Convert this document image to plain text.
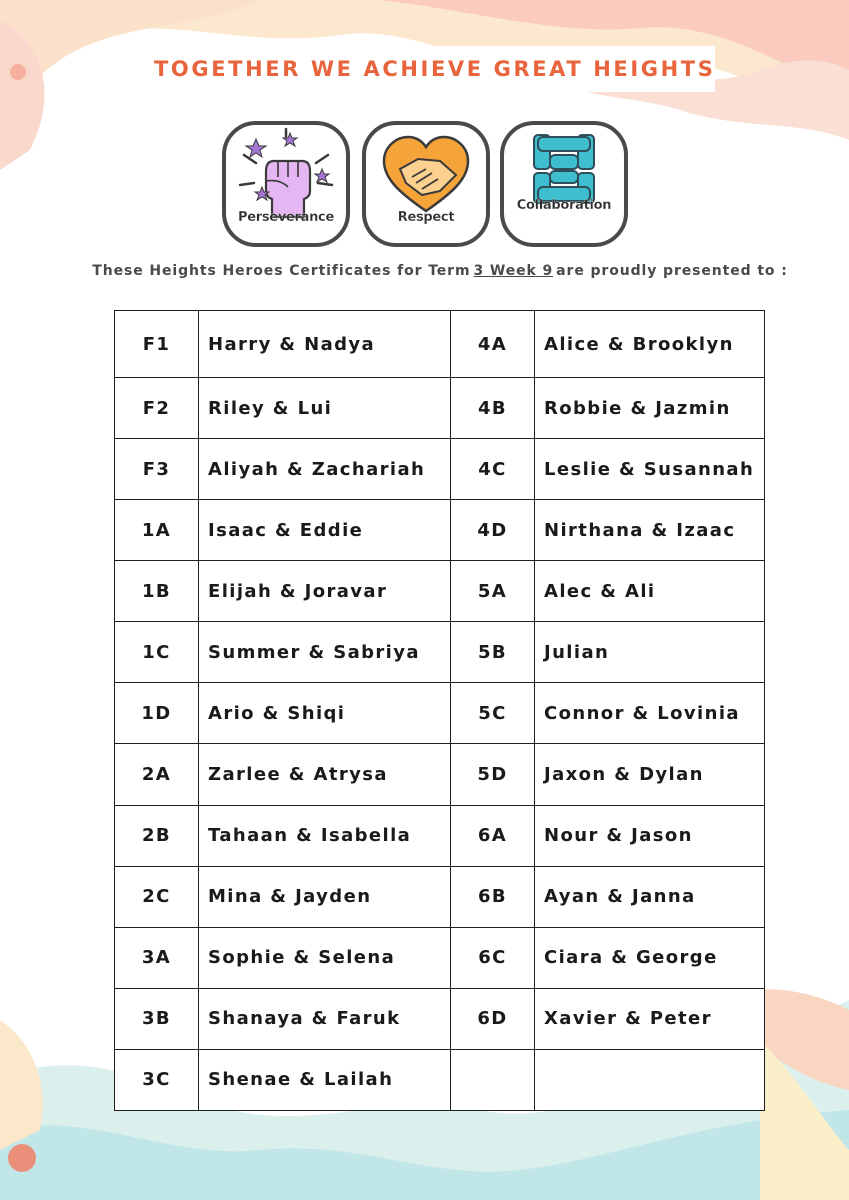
TOGETHER WE ACHIEVE GREAT HEIGHTS
Perseverance	Respect
Collaboration
These Heights Heroes Certificates for Term 3 Week 9 are proudly presented to :
F1	Harry & Nadya	4A	Alice & Brooklyn
F2	Riley & Lui	4B	Robbie & Jazmin
F3	Aliyah & Zachariah	4C	Leslie & Susannah
1A	Isaac & Eddie	4D	Nirthana & Izaac
1B	Elijah & Joravar	5A	Alec & Ali
1C	Summer & Sabriya	5B	Julian
1D	Ario & Shiqi	5C	Connor & Lovinia
2A	Zarlee & Atrysa	5D	Jaxon & Dylan
2B	Tahaan & Isabella	6A	Nour & Jason
2C	Mina & Jayden	6B	Ayan & Janna
3A	Sophie & Selena	6C	Ciara & George
3B	Shanaya & Faruk	6D	Xavier & Peter
3C	Shenae & Lailah		
